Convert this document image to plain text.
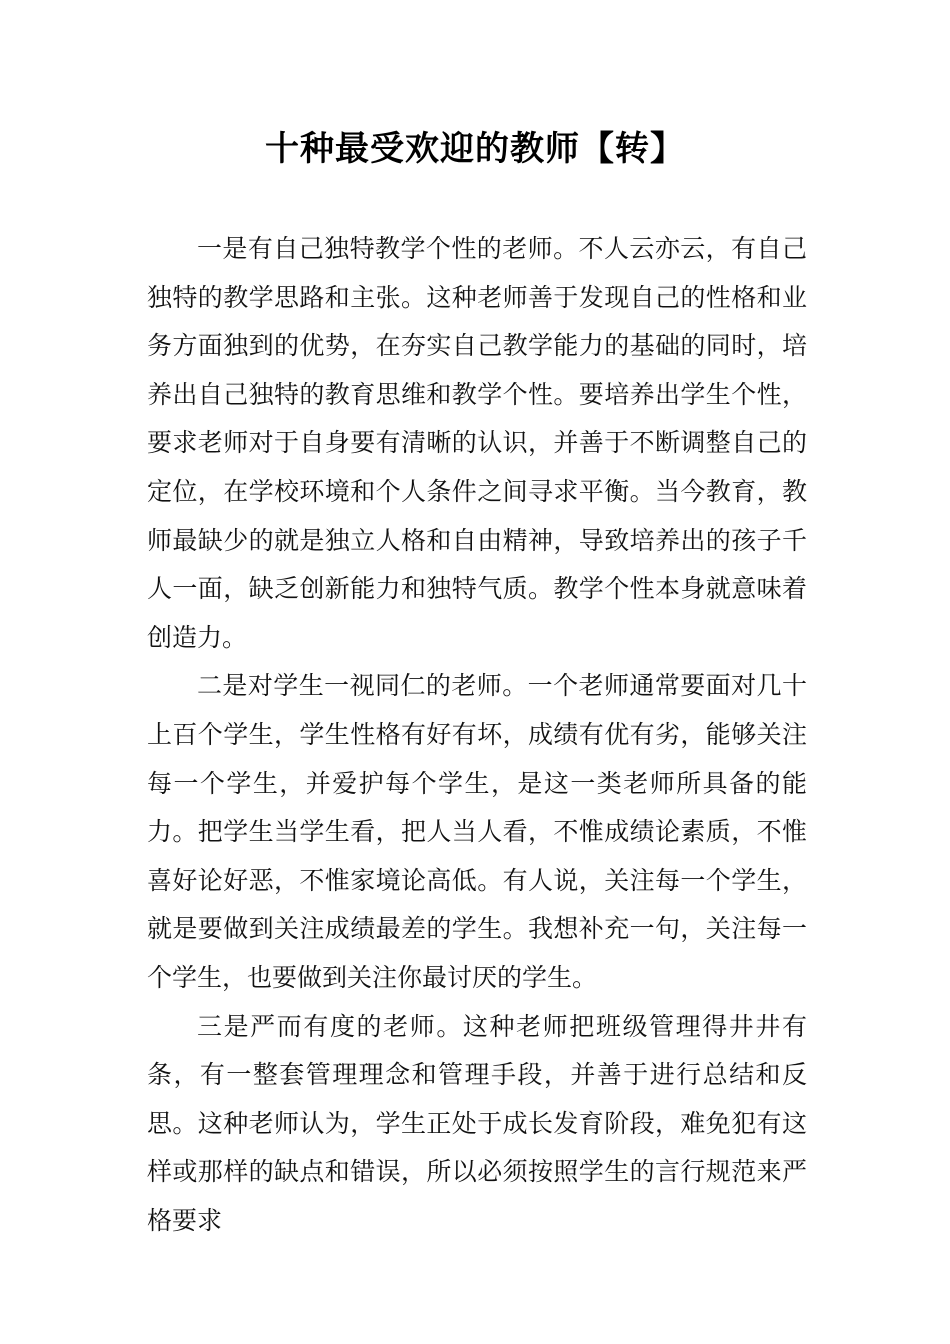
十种最受欢迎的教师【转】

一是有自己独特教学个性的老师。不人云亦云，有自己独特的教学思路和主张。这种老师善于发现自己的性格和业务方面独到的优势，在夯实自己教学能力的基础的同时，培养出自己独特的教育思维和教学个性。要培养出学生个性，要求老师对于自身要有清晰的认识，并善于不断调整自己的定位，在学校环境和个人条件之间寻求平衡。当今教育，教师最缺少的就是独立人格和自由精神，导致培养出的孩子千人一面，缺乏创新能力和独特气质。教学个性本身就意味着创造力。

二是对学生一视同仁的老师。一个老师通常要面对几十上百个学生，学生性格有好有坏，成绩有优有劣，能够关注每一个学生，并爱护每个学生，是这一类老师所具备的能力。把学生当学生看，把人当人看，不惟成绩论素质，不惟喜好论好恶，不惟家境论高低。有人说，关注每一个学生，就是要做到关注成绩最差的学生。我想补充一句，关注每一个学生，也要做到关注你最讨厌的学生。

三是严而有度的老师。这种老师把班级管理得井井有条，有一整套管理理念和管理手段，并善于进行总结和反思。这种老师认为，学生正处于成长发育阶段，难免犯有这样或那样的缺点和错误，所以必须按照学生的言行规范来严格要求
